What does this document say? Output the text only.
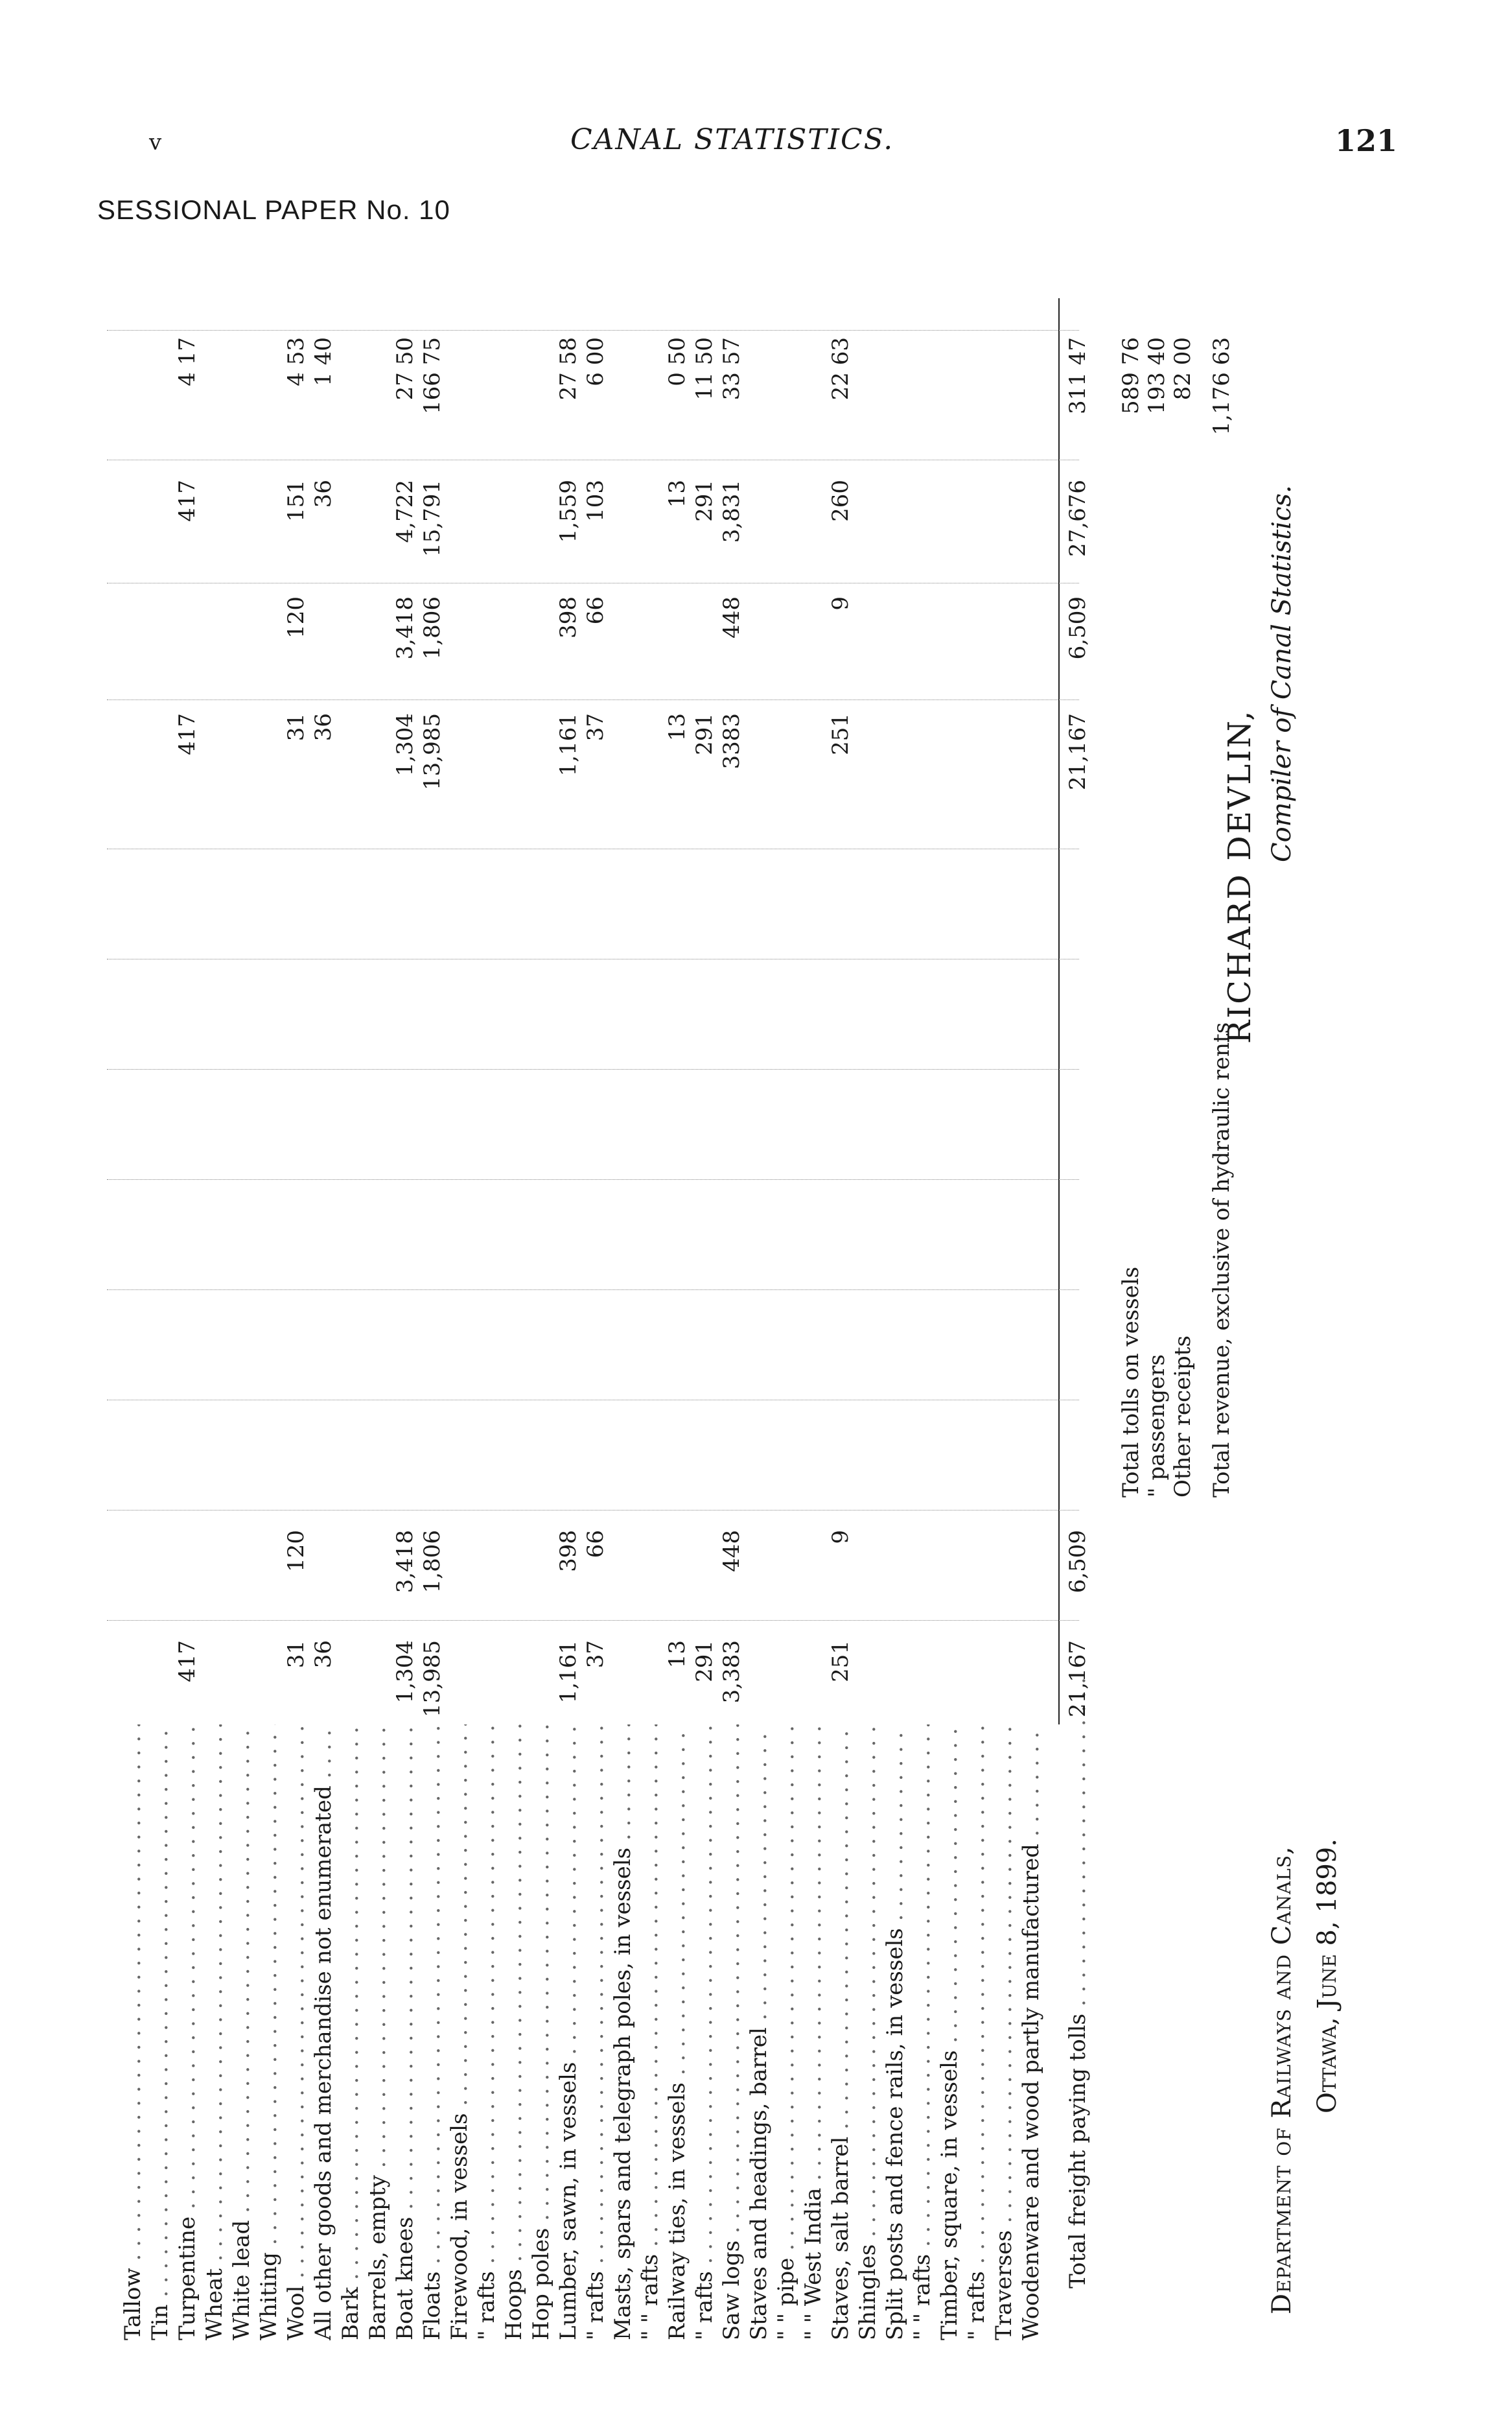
v	CANAL STATISTICS.	121
SESSIONAL PAPER No. 10
Tallow . . . Tin . . . Turpentine . . .
417
417
417
4 17
Wheat . . . White lead . . . Whiting . . . Wool . . .
31
120
31
120
151
4 53
All other goods and merchandise not enumerated . . .
36
36
36
1 40
Bark . . . Barrels, empty . . . Boat knees . . .
1,304
3,418
1,304
3,418
4,722
27 50
Floats . . .
13,985
1,806
13,985
1,806
15,791
166 75
Firewood, in vessels . . . " rafts . . . Hoops . . . Hop poles . . . Lumber, sawn, in vessels . . .
1,161
398
1,161
398
1,559
27 58
" rafts . . .
37
66
37
66
103
6 00
Masts, spars and telegraph poles, in vessels . . . " " rafts . . . Railway ties, in vessels . . .
13
13
13
0 50
" rafts . . .
291
291
291
11 50
Saw logs . . .
3,383
448
3383
448
3,831
33 57
Staves and headings, barrel . . . " " pipe . . . " " West India . . . Staves, salt barrel . . .
251
9
251
9
260
22 63
Shingles . . . Split posts and fence rails, in vessels . . . " " rafts . . . Timber, square, in vessels . . . " rafts . . . Traverses . . . Woodenware and wood partly manufactured . . . Total freight paying tolls . . .
21,167
6,509
21,167
6,509
27,676
311 47
Total tolls on vessels
589 76
" passengers
193 40
Other receipts
82 00
Total revenue, exclusive of hydraulic rents
1,176 63
RICHARD DEVLIN,
Compiler of Canal Statistics.
Department of Railways and Canals, Ottawa, June 8, 1899.
